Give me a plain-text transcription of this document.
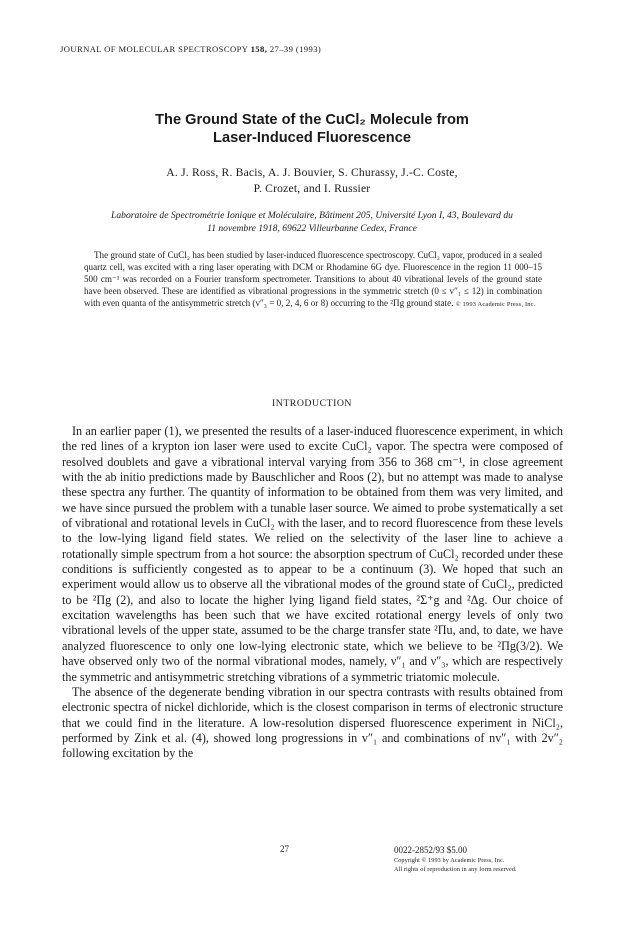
JOURNAL OF MOLECULAR SPECTROSCOPY 158, 27–39 (1993)
The Ground State of the CuCl₂ Molecule from
Laser-Induced Fluorescence
A. J. Ross, R. Bacis, A. J. Bouvier, S. Churassy, J.-C. Coste,
P. Crozet, and I. Russier
Laboratoire de Spectrométrie Ionique et Moléculaire, Bâtiment 205, Université Lyon I, 43, Boulevard du
11 novembre 1918, 69622 Villeurbanne Cedex, France

The ground state of CuCl₂ has been studied by laser-induced fluorescence spectroscopy. CuCl₂ vapor, produced in a sealed quartz cell, was excited with a ring laser operating with DCM or Rhodamine 6G dye. Fluorescence in the region 11 000–15 500 cm⁻¹ was recorded on a Fourier transform spectrometer. Transitions to about 40 vibrational levels of the ground state have been observed. These are identified as vibrational progressions in the symmetric stretch (0 ≤ v″₁ ≤ 12) in combination with even quanta of the antisymmetric stretch (v″₃ = 0, 2, 4, 6 or 8) occurring to the ²Πg ground state. © 1993 Academic Press, Inc.

INTRODUCTION

In an earlier paper (1), we presented the results of a laser-induced fluorescence experiment, in which the red lines of a krypton ion laser were used to excite CuCl₂ vapor. The spectra were composed of resolved doublets and gave a vibrational interval varying from 356 to 368 cm⁻¹, in close agreement with the ab initio predictions made by Bauschlicher and Roos (2), but no attempt was made to analyse these spectra any further. The quantity of information to be obtained from them was very limited, and we have since pursued the problem with a tunable laser source. We aimed to probe systematically a set of vibrational and rotational levels in CuCl₂ with the laser, and to record fluorescence from these levels to the low-lying ligand field states. We relied on the selectivity of the laser line to achieve a rotationally simple spectrum from a hot source: the absorption spectrum of CuCl₂ recorded under these conditions is sufficiently congested as to appear to be a continuum (3). We hoped that such an experiment would allow us to observe all the vibrational modes of the ground state of CuCl₂, predicted to be ²Πg (2), and also to locate the higher lying ligand field states, ²Σ⁺g and ²Δg. Our choice of excitation wavelengths has been such that we have excited rotational energy levels of only two vibrational levels of the upper state, assumed to be the charge transfer state ²Πu, and, to date, we have analyzed fluorescence to only one low-lying electronic state, which we believe to be ²Πg(3/2). We have observed only two of the normal vibrational modes, namely, ν″₁ and ν″₃, which are respectively the symmetric and antisymmetric stretching vibrations of a symmetric triatomic molecule.

The absence of the degenerate bending vibration in our spectra contrasts with results obtained from electronic spectra of nickel dichloride, which is the closest comparison in terms of electronic structure that we could find in the literature. A low-resolution dispersed fluorescence experiment in NiCl₂, performed by Zink et al. (4), showed long progressions in v″₁ and combinations of nv″₁ with 2v″₂ following excitation by the

27	0022-2852/93 $5.00
Copyright © 1993 by Academic Press, Inc.
All rights of reproduction in any form reserved.
